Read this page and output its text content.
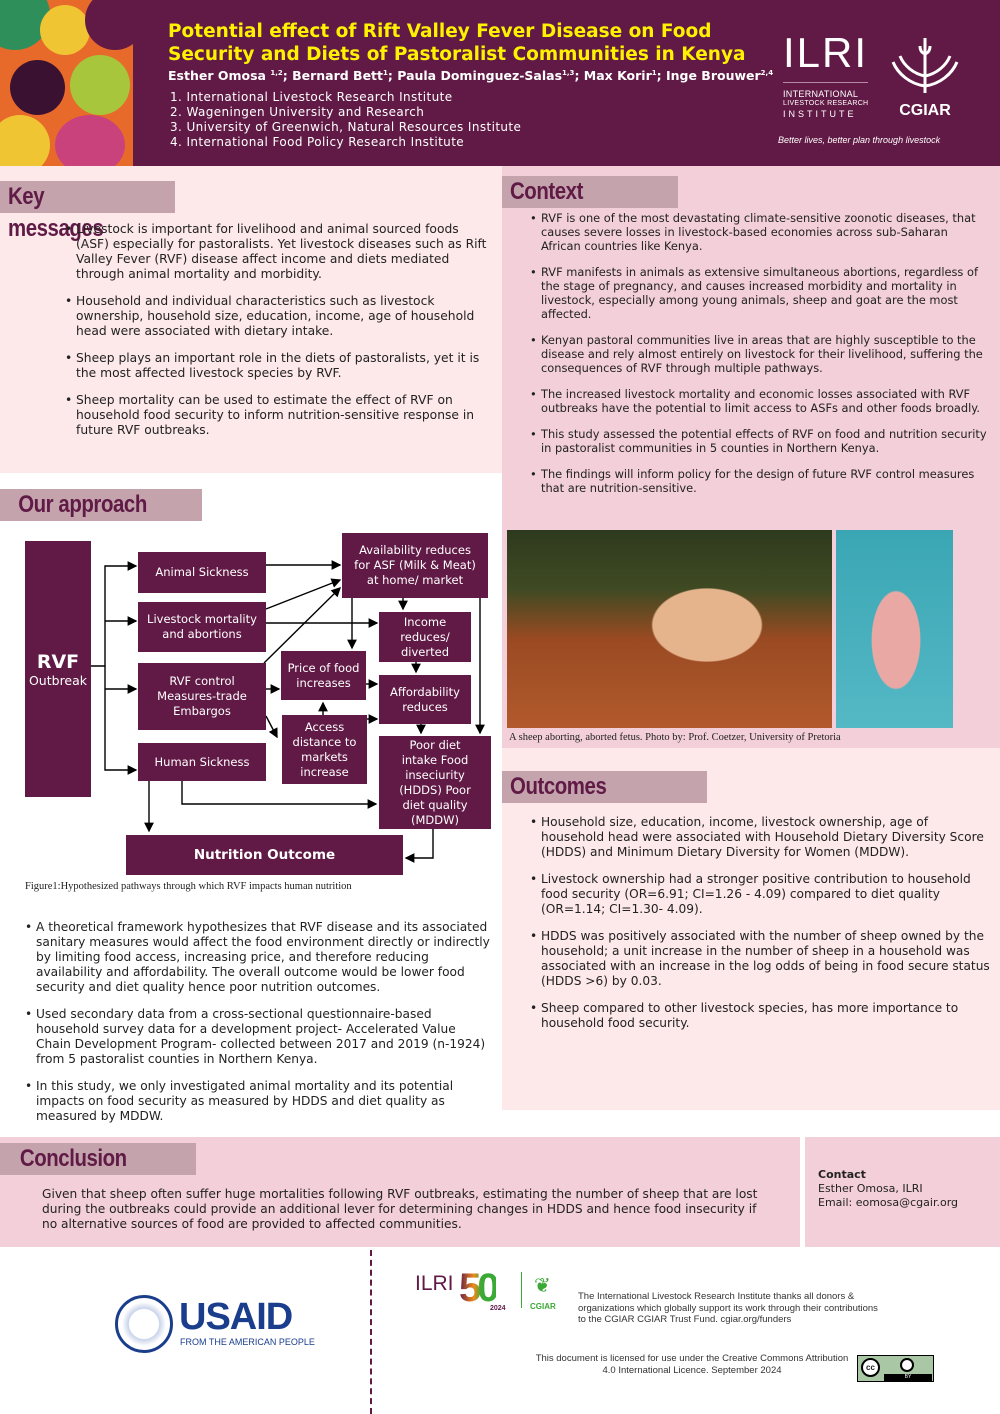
Potential effect of Rift Valley Fever Disease on Food Security and Diets of Pastoralist Communities in Kenya
Esther Omosa $^{1,2}$; Bernard Bett$^1$; Paula Dominguez-Salas$^{1,3}$; Max Korir$^1$; Inge Brouwer$^{2,4}$
1. International Livestock Research Institute
2. Wageningen University and Research
3. University of Greenwich, Natural Resources Institute
4. International Food Policy Research Institute
ILRI
INTERNATIONAL
LIVESTOCK RESEARCH
INSTITUTE	CGIAR
Better lives, better plan through livestock
Key messages
• Livestock is important for livelihood and animal sourced foods (ASF) especially for pastoralists. Yet livestock diseases such as Rift Valley Fever (RVF) disease affect income and diets mediated through animal mortality and morbidity.
• Household and individual characteristics such as livestock ownership, household size, education, income, age of household head were associated with dietary intake.
• Sheep plays an important role in the diets of pastoralists, yet it is the most affected livestock species by RVF.
• Sheep mortality can be used to estimate the effect of RVF on household food security to inform nutrition-sensitive response in future RVF outbreaks.
Our approach
RVF
Outbreak
Animal Sickness
Livestock mortality and abortions
RVF control Measures-trade Embargos
Human Sickness
Availability reduces for ASF (Milk & Meat) at home/ market
Income reduces/ diverted
Price of food increases
Affordability reduces
Access distance to markets increase
Poor diet intake Food inseciurity (HDDS) Poor diet quality (MDDW)
Nutrition Outcome
Figure1:Hypothesized pathways through which RVF impacts human nutrition
• A theoretical framework hypothesizes that RVF disease and its associated sanitary measures would affect the food environment directly or indirectly by limiting food access, increasing price, and therefore reducing availability and affordability. The overall outcome would be lower food security and diet quality hence poor nutrition outcomes.
• Used secondary data from a cross-sectional questionnaire-based household survey data for a development project- Accelerated Value Chain Development Program- collected between 2017 and 2019 (n-1924) from 5 pastoralist counties in Northern Kenya.
• In this study, we only investigated animal mortality and its potential impacts on food security as measured by HDDS and diet quality as measured by MDDW.
Context
• RVF is one of the most devastating climate-sensitive zoonotic diseases, that causes severe losses in livestock-based economies across sub-Saharan African countries like Kenya.
• RVF manifests in animals as extensive simultaneous abortions, regardless of the stage of pregnancy, and causes increased morbidity and mortality in livestock, especially among young animals, sheep and goat are the most affected.
• Kenyan pastoral communities live in areas that are highly susceptible to the disease and rely almost entirely on livestock for their livelihood, suffering the consequences of RVF through multiple pathways.
• The increased livestock mortality and economic losses associated with RVF outbreaks have the potential to limit access to ASFs and other foods broadly.
• This study assessed the potential effects of RVF on food and nutrition security in pastoralist communities in 5 counties in Northern Kenya.
• The findings will inform policy for the design of future RVF control measures that are nutrition-sensitive.
A sheep aborting, aborted fetus. Photo by: Prof. Coetzer, University of Pretoria
Outcomes
• Household size, education, income, livestock ownership, age of household head were associated with Household Dietary Diversity Score (HDDS) and Minimum Dietary Diversity for Women (MDDW).
• Livestock ownership had a stronger positive contribution to household food security (OR=6.91; CI=1.26 - 4.09) compared to diet quality (OR=1.14; CI=1.30- 4.09).
• HDDS was positively associated with the number of sheep owned by the household; a unit increase in the number of sheep in a household was associated with an increase in the log odds of being in food secure status (HDDS >6) by 0.03.
• Sheep compared to other livestock species, has more importance to household food security.
Conclusion
Given that sheep often suffer huge mortalities following RVF outbreaks, estimating the number of sheep that are lost during the outbreaks could provide an additional lever for determining changes in HDDS and hence food insecurity if no alternative sources of food are provided to affected communities.
Contact
Esther Omosa, ILRI
Email: eomosa@cgair.org
USAID
FROM THE AMERICAN PEOPLE
ILRI 50
2024	CGIAR
❦	The International Livestock Research Institute thanks all donors & organizations which globally support its work through their contributions to the CGIAR CGIAR Trust Fund. cgiar.org/funders
This document is licensed for use under the Creative Commons Attribution 4.0 International Licence. September 2024	cc
BY
